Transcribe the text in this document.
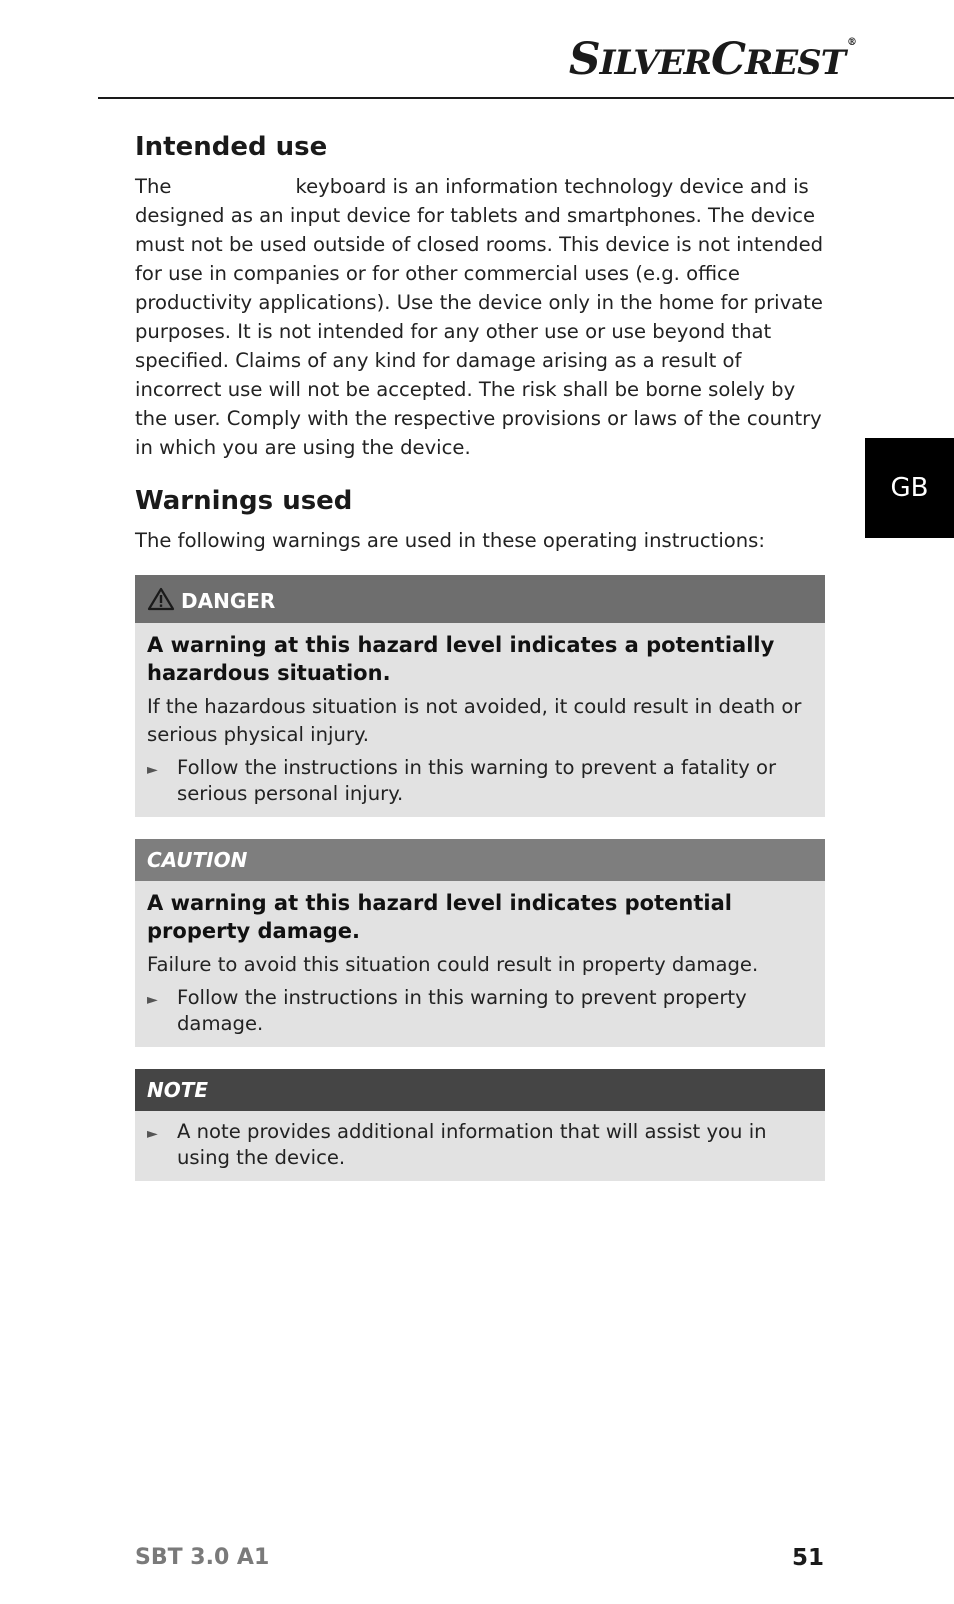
SILVERCREST®
GB
Intended use

The	keyboard is an information technology device and is designed as an input device for tablets and smartphones. The device must not be used outside of closed rooms. This device is not intended for use in companies or for other commercial uses (e.g. office productivity applications). Use the device only in the home for private purposes. It is not intended for any other use or use beyond that specified. Claims of any kind for damage arising as a result of incorrect use will not be accepted. The risk shall be borne solely by the user. Comply with the respective provisions or laws of the country in which you are using the device.

Warnings used

The following warnings are used in these operating instructions:

DANGER

A warning at this hazard level indicates a potentially hazardous situation.

If the hazardous situation is not avoided, it could result in death or serious physical injury.

► Follow the instructions in this warning to prevent a fatality or serious personal injury.
CAUTION

A warning at this hazard level indicates potential property damage.

Failure to avoid this situation could result in property damage.

► Follow the instructions in this warning to prevent property damage.
NOTE
► A note provides additional information that will assist you in using the device.
SBT 3.0 A1	51
